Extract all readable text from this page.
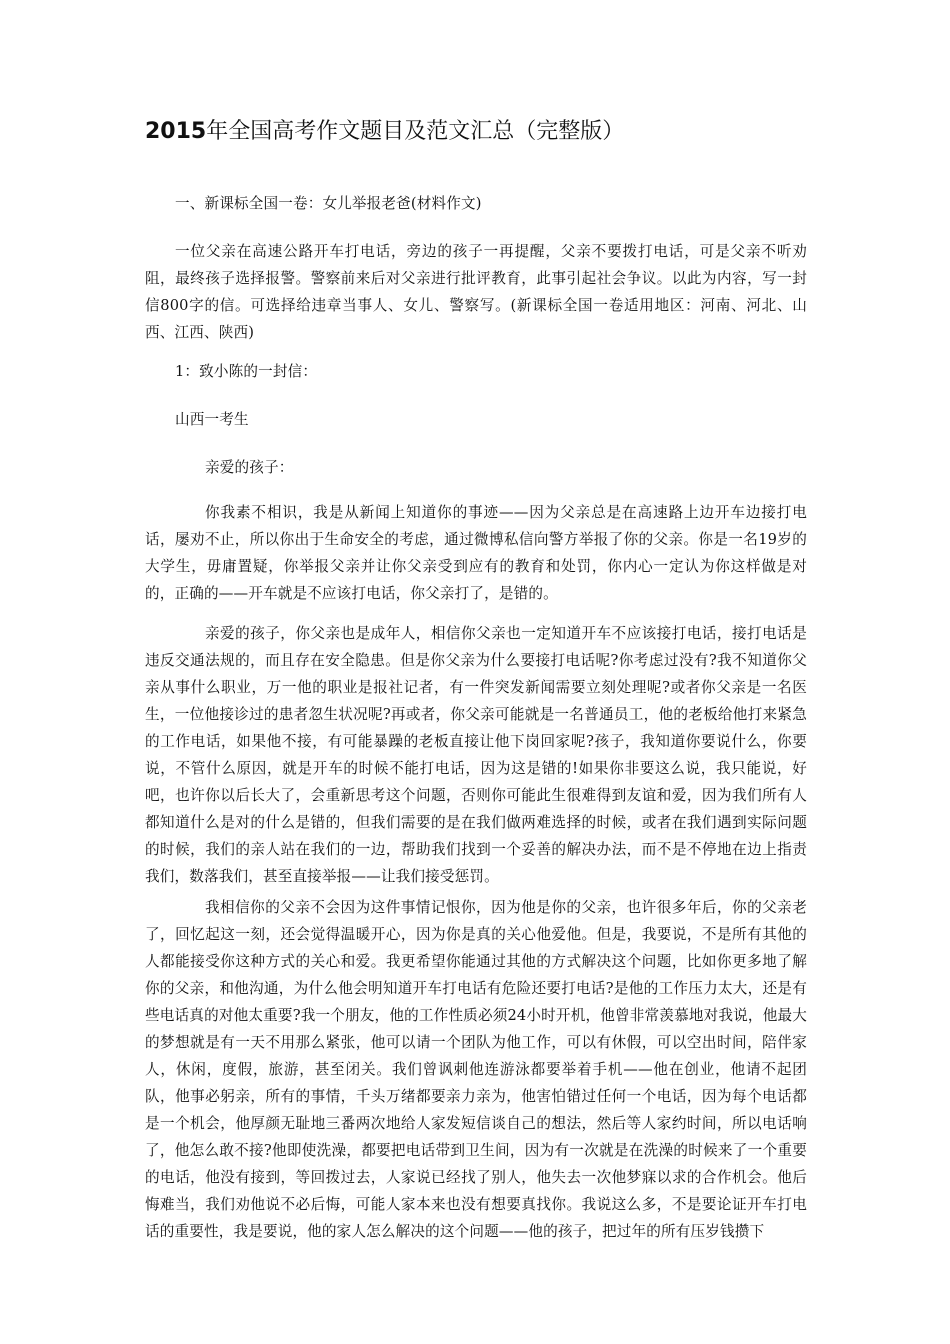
2015年全国高考作文题目及范文汇总（完整版）

一、新课标全国一卷：女儿举报老爸(材料作文)

一位父亲在高速公路开车打电话，旁边的孩子一再提醒，父亲不要拨打电话，可是父亲不听劝阻，最终孩子选择报警。警察前来后对父亲进行批评教育，此事引起社会争议。以此为内容，写一封信800字的信。可选择给违章当事人、女儿、警察写。(新课标全国一卷适用地区：河南、河北、山西、江西、陕西)

1：致小陈的一封信：

山西一考生

亲爱的孩子：

你我素不相识，我是从新闻上知道你的事迹——因为父亲总是在高速路上边开车边接打电话，屡劝不止，所以你出于生命安全的考虑，通过微博私信向警方举报了你的父亲。你是一名19岁的大学生，毋庸置疑，你举报父亲并让你父亲受到应有的教育和处罚，你内心一定认为你这样做是对的，正确的——开车就是不应该打电话，你父亲打了，是错的。

亲爱的孩子，你父亲也是成年人，相信你父亲也一定知道开车不应该接打电话，接打电话是违反交通法规的，而且存在安全隐患。但是你父亲为什么要接打电话呢?你考虑过没有?我不知道你父亲从事什么职业，万一他的职业是报社记者，有一件突发新闻需要立刻处理呢?或者你父亲是一名医生，一位他接诊过的患者忽生状况呢?再或者，你父亲可能就是一名普通员工，他的老板给他打来紧急的工作电话，如果他不接，有可能暴躁的老板直接让他下岗回家呢?孩子，我知道你要说什么，你要说，不管什么原因，就是开车的时候不能打电话，因为这是错的!如果你非要这么说，我只能说，好吧，也许你以后长大了，会重新思考这个问题，否则你可能此生很难得到友谊和爱，因为我们所有人都知道什么是对的什么是错的，但我们需要的是在我们做两难选择的时候，或者在我们遇到实际问题的时候，我们的亲人站在我们的一边，帮助我们找到一个妥善的解决办法，而不是不停地在边上指责我们，数落我们，甚至直接举报——让我们接受惩罚。

我相信你的父亲不会因为这件事情记恨你，因为他是你的父亲，也许很多年后，你的父亲老了，回忆起这一刻，还会觉得温暖开心，因为你是真的关心他爱他。但是，我要说，不是所有其他的人都能接受你这种方式的关心和爱。我更希望你能通过其他的方式解决这个问题，比如你更多地了解你的父亲，和他沟通，为什么他会明知道开车打电话有危险还要打电话?是他的工作压力太大，还是有些电话真的对他太重要?我一个朋友，他的工作性质必须24小时开机，他曾非常羡慕地对我说，他最大的梦想就是有一天不用那么紧张，他可以请一个团队为他工作，可以有休假，可以空出时间，陪伴家人，休闲，度假，旅游，甚至闭关。我们曾讽刺他连游泳都要举着手机——他在创业，他请不起团队，他事必躬亲，所有的事情，千头万绪都要亲力亲为，他害怕错过任何一个电话，因为每个电话都是一个机会，他厚颜无耻地三番两次地给人家发短信谈自己的想法，然后等人家约时间，所以电话响了，他怎么敢不接?他即使洗澡，都要把电话带到卫生间，因为有一次就是在洗澡的时候来了一个重要的电话，他没有接到，等回拨过去，人家说已经找了别人，他失去一次他梦寐以求的合作机会。他后悔难当，我们劝他说不必后悔，可能人家本来也没有想要真找你。我说这么多，不是要论证开车打电话的重要性，我是要说，他的家人怎么解决的这个问题——他的孩子，把过年的所有压岁钱攒下
